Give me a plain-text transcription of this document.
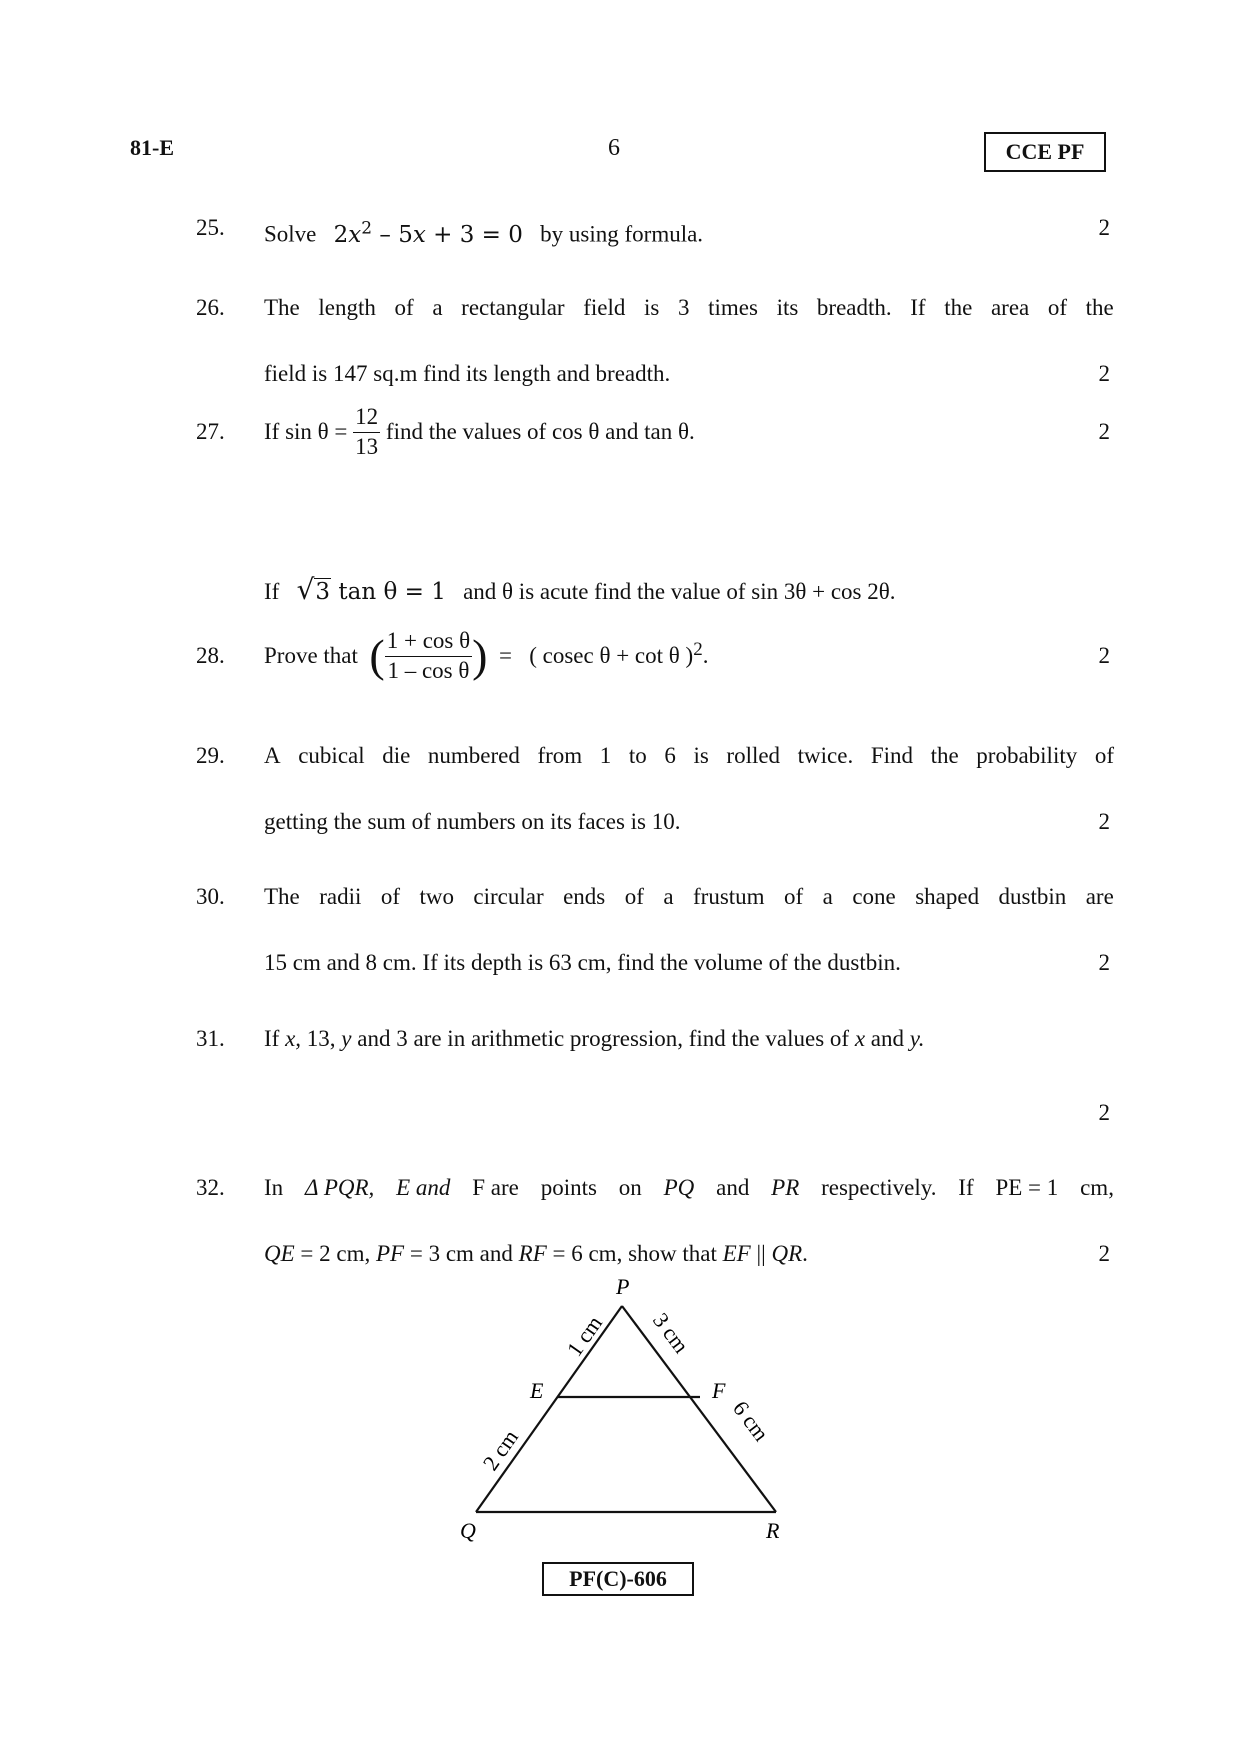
81-E	6	CCE PF
25. Solve $2x^2 - 5x + 3 = 0$ by using formula.	2
26. The length of a rectangular field is 3 times its breadth. If the area of the
field is 147 sq.m find its length and breadth.	2
27. If sin θ =
$\frac{12}{13}$
find the values of cos θ and tan θ.	2
If √3 tan θ = 1 and θ is acute find the value of sin 3θ + cos 2θ.
28. Prove that
( $\frac{\text{1 + cos θ}}{\text{1 – cos θ}}$ )
=
( cosec θ + cot θ )$^2$ .	2
29. A cubical die numbered from 1 to 6 is rolled twice. Find the probability of
getting the sum of numbers on its faces is 10.	2
30. The radii of two circular ends of a frustum of a cone shaped dustbin are
15 cm and 8 cm. If its depth is 63 cm, find the volume of the dustbin.	2
31. If x, 13, y and 3 are in arithmetic progression, find the values of x and y.
2
32. In Δ PQR, E and F are points on PQ and PR respectively. If PE = 1 cm,
QE = 2 cm, PF = 3 cm and RF = 6 cm, show that EF || QR.	2
P
Q	R
E	F
1 cm 3 cm
2 cm
6 cm
PF(C)-606
